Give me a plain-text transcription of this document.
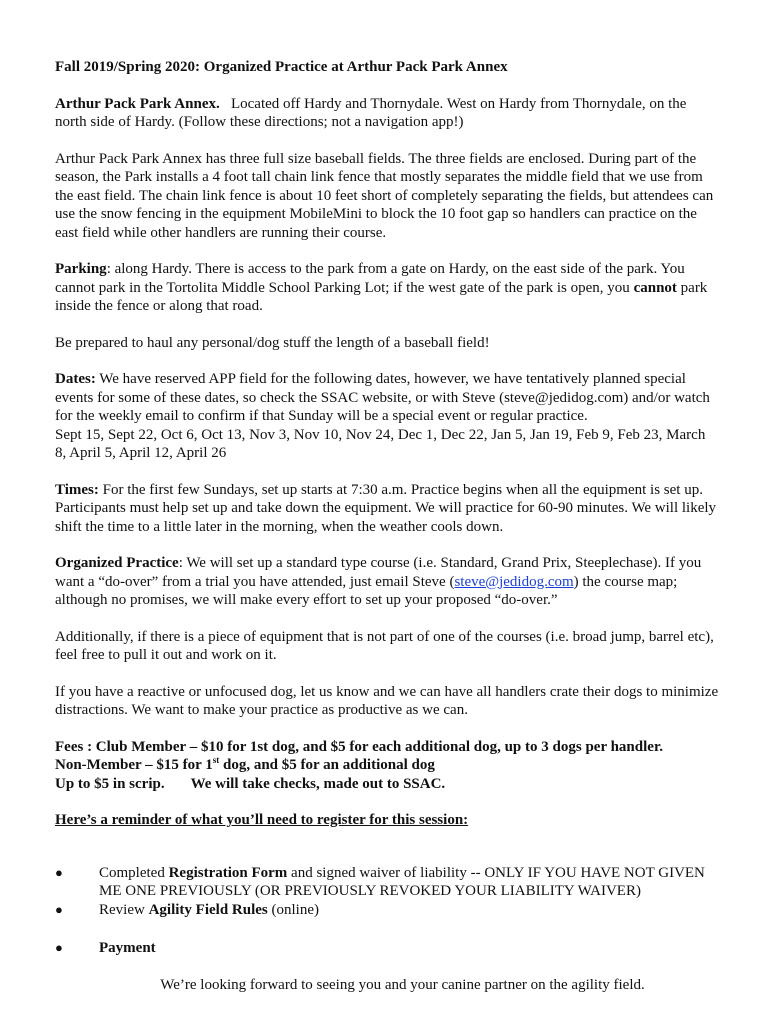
Fall 2019/Spring 2020: Organized Practice at Arthur Pack Park Annex

Arthur Pack Park Annex. Located off Hardy and Thornydale. West on Hardy from Thornydale, on the north side of Hardy. (Follow these directions; not a navigation app!)

Arthur Pack Park Annex has three full size baseball fields. The three fields are enclosed. During part of the season, the Park installs a 4 foot tall chain link fence that mostly separates the middle field that we use from the east field. The chain link fence is about 10 feet short of completely separating the fields, but attendees can use the snow fencing in the equipment MobileMini to block the 10 foot gap so handlers can practice on the east field while other handlers are running their course.

Parking: along Hardy. There is access to the park from a gate on Hardy, on the east side of the park. You cannot park in the Tortolita Middle School Parking Lot; if the west gate of the park is open, you cannot park inside the fence or along that road.

Be prepared to haul any personal/dog stuff the length of a baseball field!

Dates: We have reserved APP field for the following dates, however, we have tentatively planned special events for some of these dates, so check the SSAC website, or with Steve (steve@jedidog.com) and/or watch for the weekly email to confirm if that Sunday will be a special event or regular practice.
Sept 15, Sept 22, Oct 6, Oct 13, Nov 3, Nov 10, Nov 24, Dec 1, Dec 22, Jan 5, Jan 19, Feb 9, Feb 23, March 8, April 5, April 12, April 26

Times: For the first few Sundays, set up starts at 7:30 a.m. Practice begins when all the equipment is set up. Participants must help set up and take down the equipment. We will practice for 60-90 minutes. We will likely shift the time to a little later in the morning, when the weather cools down.

Organized Practice: We will set up a standard type course (i.e. Standard, Grand Prix, Steeplechase). If you want a “do-over” from a trial you have attended, just email Steve (steve@jedidog.com) the course map; although no promises, we will make every effort to set up your proposed “do-over.”

Additionally, if there is a piece of equipment that is not part of one of the courses (i.e. broad jump, barrel etc), feel free to pull it out and work on it.

If you have a reactive or unfocused dog, let us know and we can have all handlers crate their dogs to minimize distractions. We want to make your practice as productive as we can.

Fees : Club Member – $10 for 1st dog, and $5 for each additional dog, up to 3 dogs per handler.
Non-Member – $15 for 1st dog, and $5 for an additional dog
Up to $5 in scrip. We will take checks, made out to SSAC.

Here’s a reminder of what you’ll need to register for this session:

● Completed Registration Form and signed waiver of liability -- ONLY IF YOU HAVE NOT GIVEN ME ONE PREVIOUSLY (OR PREVIOUSLY REVOKED YOUR LIABILITY WAIVER)
● Review Agility Field Rules (online)
● Payment

We’re looking forward to seeing you and your canine partner on the agility field.
